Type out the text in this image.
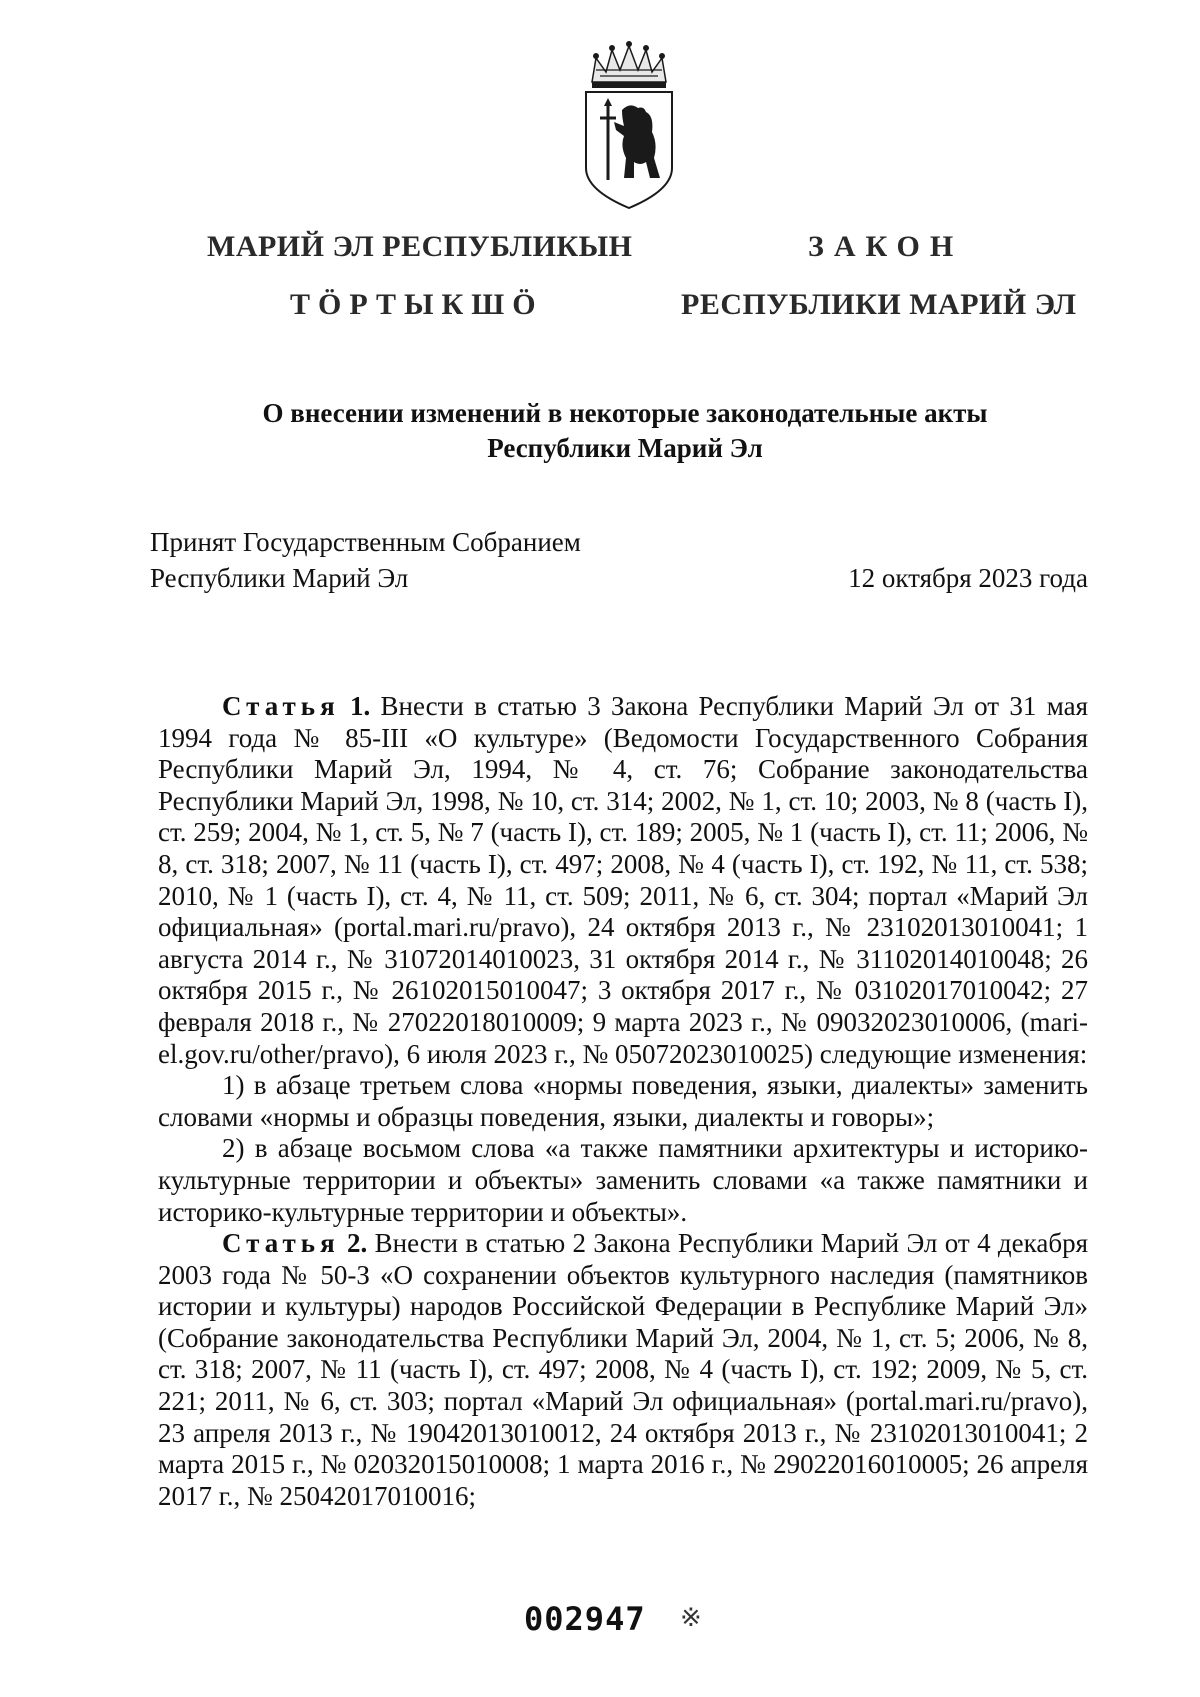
МАРИЙ ЭЛ РЕСПУБЛИКЫН
ТӦРТЫКШӦ
ЗАКОН
РЕСПУБЛИКИ МАРИЙ ЭЛ
О внесении изменений в некоторые законодательные акты
Республики Марий Эл
Принят Государственным Собранием
Республики Марий Эл	12 октября 2023 года

Статья 1. Внести в статью 3 Закона Республики Марий Эл от 31 мая 1994 года № 85-III «О культуре» (Ведомости Государственного Собрания Республики Марий Эл, 1994, № 4, ст. 76; Собрание законодательства Республики Марий Эл, 1998, № 10, ст. 314; 2002, № 1, ст. 10; 2003, № 8 (часть I), ст. 259; 2004, № 1, ст. 5, № 7 (часть I), ст. 189; 2005, № 1 (часть I), ст. 11; 2006, № 8, ст. 318; 2007, № 11 (часть I), ст. 497; 2008, № 4 (часть I), ст. 192, № 11, ст. 538; 2010, № 1 (часть I), ст. 4, № 11, ст. 509; 2011, № 6, ст. 304; портал «Марий Эл официальная» (portal.mari.ru/pravo), 24 октября 2013 г., № 23102013010041; 1 августа 2014 г., № 31072014010023, 31 октября 2014 г., № 31102014010048; 26 октября 2015 г., № 26102015010047; 3 октября 2017 г., № 03102017010042; 27 февраля 2018 г., № 27022018010009; 9 марта 2023 г., № 09032023010006, (mari-el.gov.ru/other/pravo), 6 июля 2023 г., № 05072023010025) следующие изменения:

1) в абзаце третьем слова «нормы поведения, языки, диалекты» заменить словами «нормы и образцы поведения, языки, диалекты и говоры»;

2) в абзаце восьмом слова «а также памятники архитектуры и историко-культурные территории и объекты» заменить словами «а также памятники и историко-культурные территории и объекты».

Статья 2. Внести в статью 2 Закона Республики Марий Эл от 4 декабря 2003 года № 50-З «О сохранении объектов культурного наследия (памятников истории и культуры) народов Российской Федерации в Республике Марий Эл» (Собрание законодательства Республики Марий Эл, 2004, № 1, ст. 5; 2006, № 8, ст. 318; 2007, № 11 (часть I), ст. 497; 2008, № 4 (часть I), ст. 192; 2009, № 5, ст. 221; 2011, № 6, ст. 303; портал «Марий Эл официальная» (portal.mari.ru/pravo), 23 апреля 2013 г., № 19042013010012, 24 октября 2013 г., № 23102013010041; 2 марта 2015 г., № 02032015010008; 1 марта 2016 г., № 29022016010005; 26 апреля 2017 г., № 25042017010016;

002947 ※
